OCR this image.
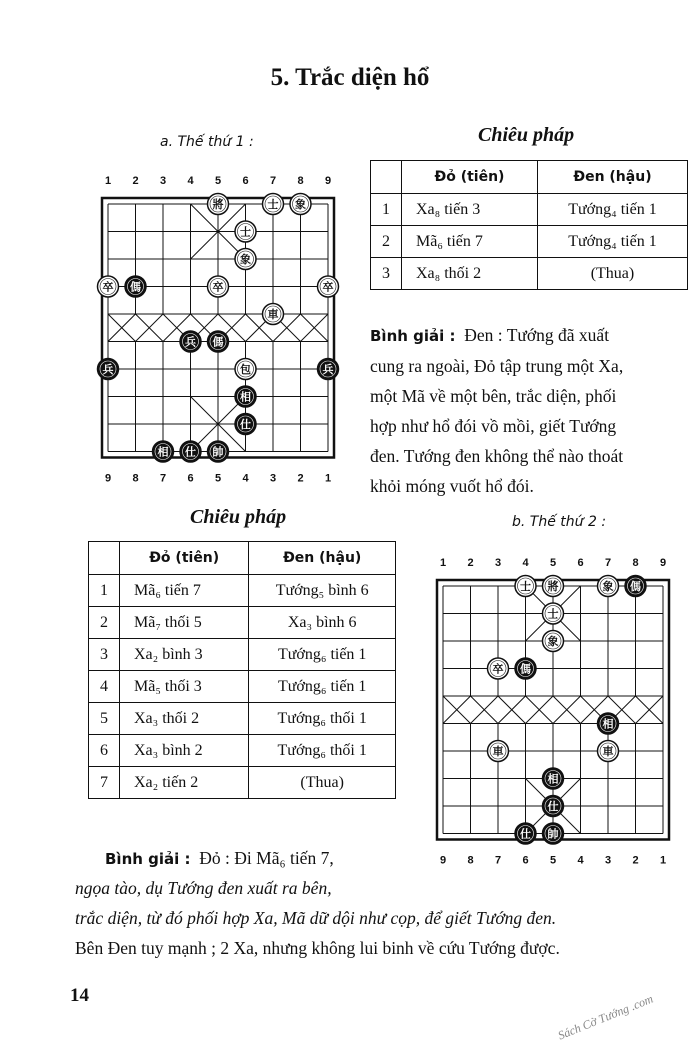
5. Trắc diện hổ
a. Thế thứ 1 :
1 2 3 4 5 6 7 8 9
9 8 7 6 5 4 3 2 1
將	士 象
士
象
卒 傌	卒	卒
車
兵 傌
兵	包	兵
相
仕
相 仕 帥
Chiêu pháp
	Đỏ (tiên)	Đen (hậu)
1	Xa₈ tiến 3	Tướng₄ tiến 1
2	Mã₆ tiến 7	Tướng₄ tiến 1
3	Xa₈ thối 2	(Thua)
Bình giải : Đen : Tướng đã xuất
cung ra ngoài, Đỏ tập trung một Xa,
một Mã về một bên, trắc diện, phối
hợp như hổ đói vồ mồi, giết Tướng
đen. Tướng đen không thể nào thoát
khỏi móng vuốt hổ đói.
Chiêu pháp
	Đỏ (tiên)	Đen (hậu)
1	Mã₆ tiến 7	Tướng₅ bình 6
2	Mã₇ thối 5	Xa₃ bình 6
3	Xa₂ bình 3	Tướng₆ tiến 1
4	Mã₅ thối 3	Tướng₆ tiến 1
5	Xa₃ thối 2	Tướng₆ thối 1
6	Xa₃ bình 2	Tướng₆ thối 1
7	Xa₂ tiến 2	(Thua)
b. Thế thứ 2 :
1 2 3 4 5 6 7 8 9
9 8 7 6 5 4 3 2 1
士 將	象 傌
士
象
卒 傌
相
車	車
相
仕
仕 帥
Bình giải : Đỏ : Đi Mã₆ tiến 7,
ngọa tào, dụ Tướng đen xuất ra bên,
trắc diện, từ đó phối hợp Xa, Mã dữ dội như cọp, để giết Tướng đen.
Bên Đen tuy mạnh ; 2 Xa, nhưng không lui binh về cứu Tướng được.
14	Sách Cờ Tướng .com
